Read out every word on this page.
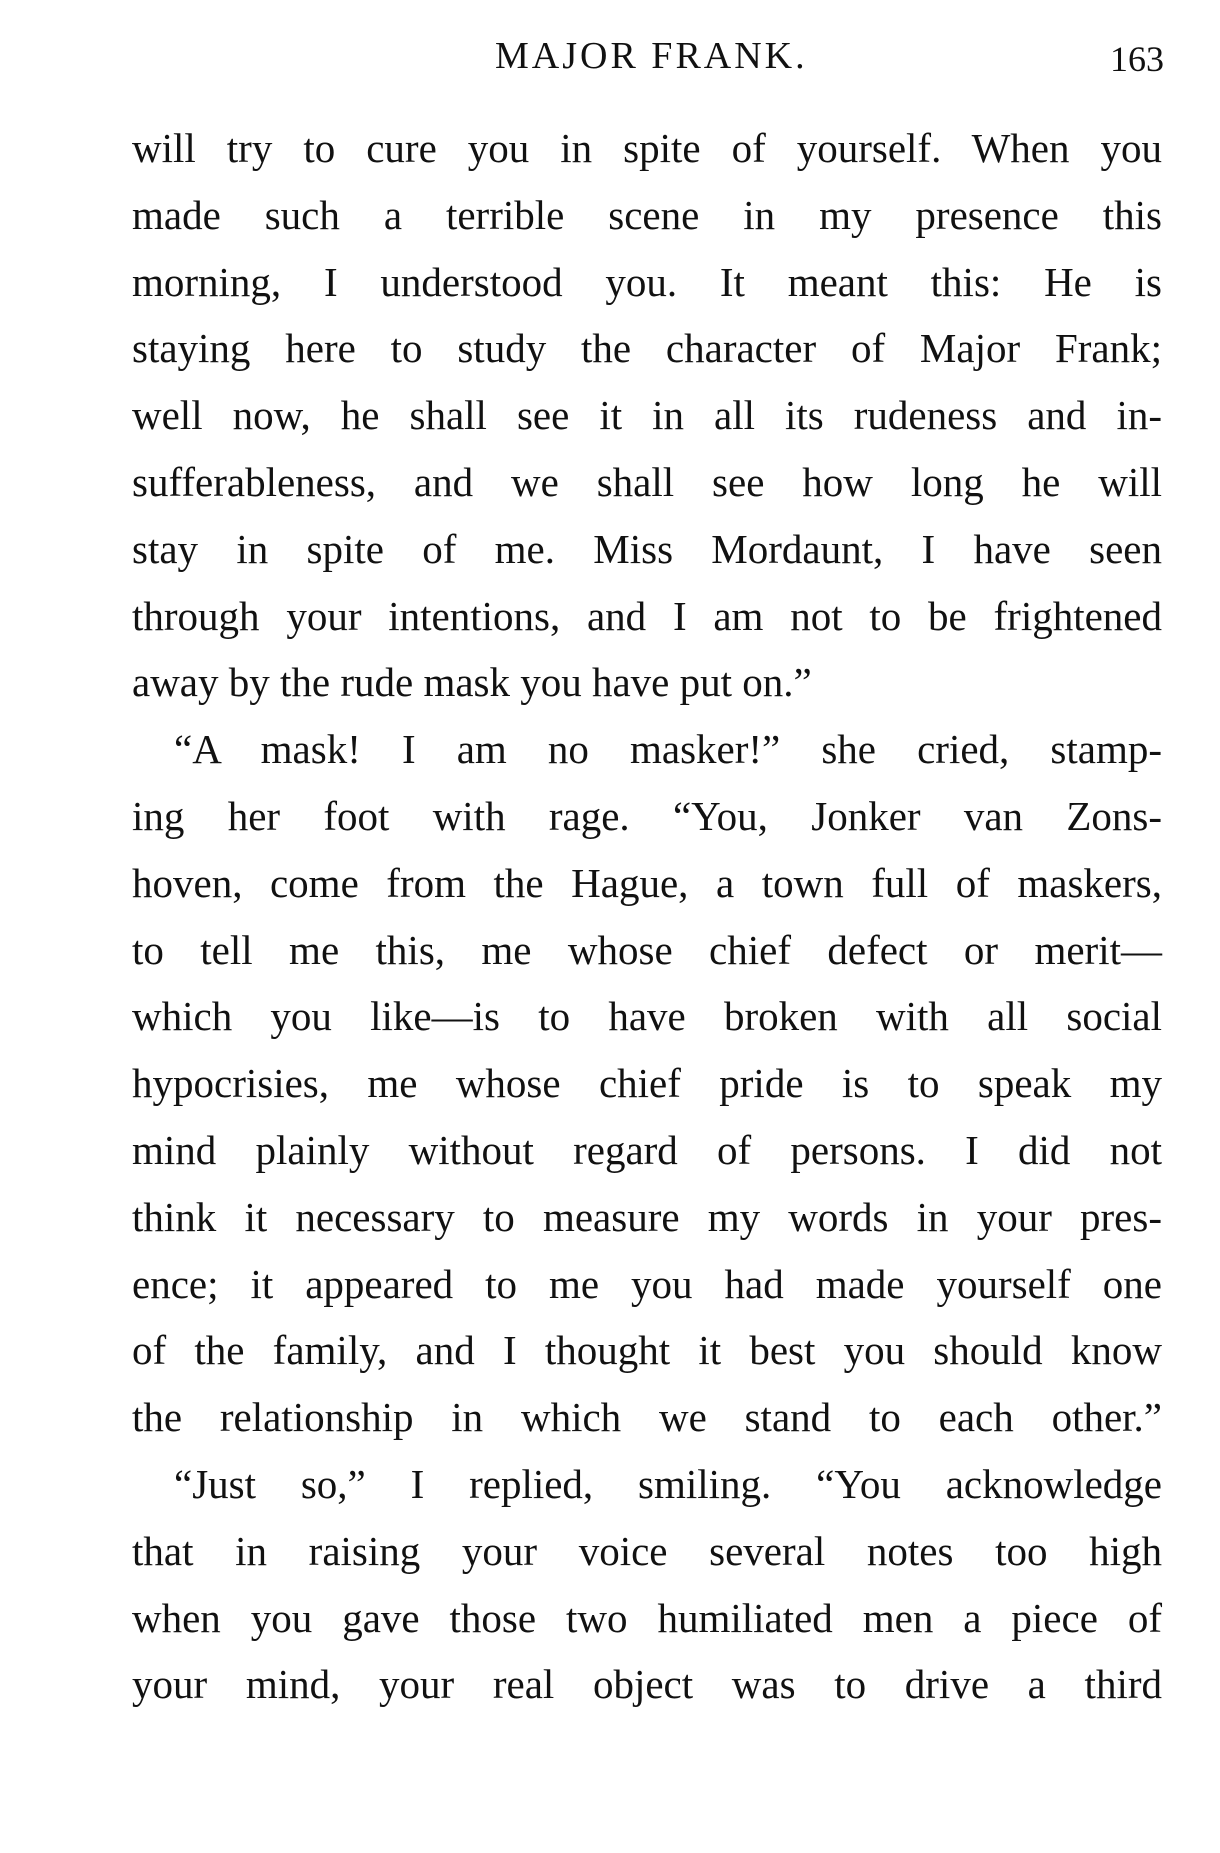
MAJOR FRANK.	163
will try to cure you in spite of yourself. When you
made such a terrible scene in my presence this
morning, I understood you. It meant this: He is
staying here to study the character of Major Frank;
well now, he shall see it in all its rudeness and in-
sufferableness, and we shall see how long he will
stay in spite of me. Miss Mordaunt, I have seen
through your intentions, and I am not to be frightened
away by the rude mask you have put on.”
“A mask! I am no masker!” she cried, stamp-
ing her foot with rage. “You, Jonker van Zons-
hoven, come from the Hague, a town full of maskers,
to tell me this, me whose chief defect or merit—
which you like—is to have broken with all social
hypocrisies, me whose chief pride is to speak my
mind plainly without regard of persons. I did not
think it necessary to measure my words in your pres-
ence; it appeared to me you had made yourself one
of the family, and I thought it best you should know
the relationship in which we stand to each other.”
“Just so,” I replied, smiling. “You acknowledge
that in raising your voice several notes too high
when you gave those two humiliated men a piece of
your mind, your real object was to drive a third
